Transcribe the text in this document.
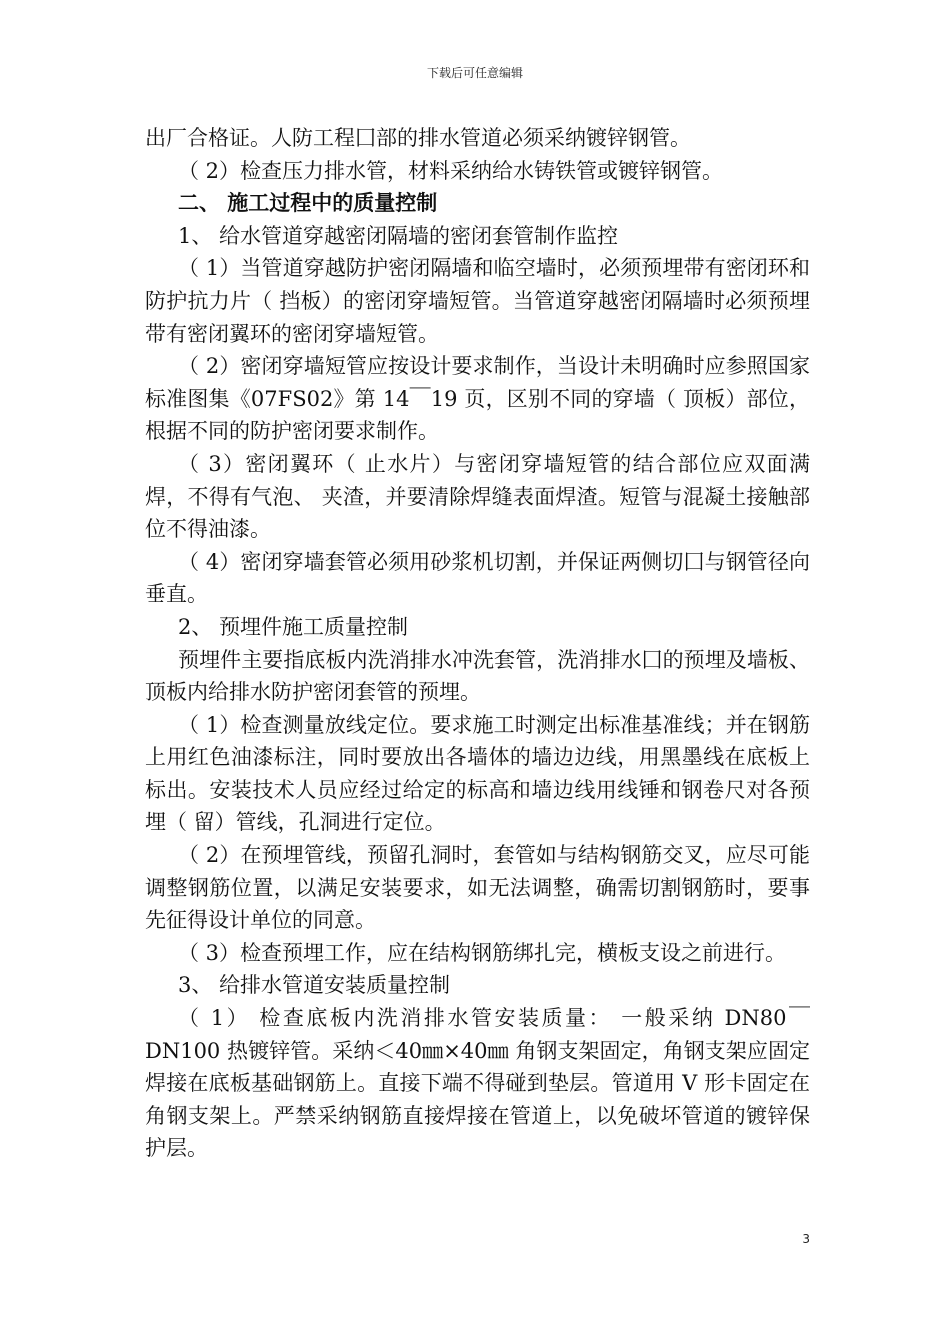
下载后可任意编辑

出厂合格证。人防工程囗部的排水管道必须采纳镀锌钢管。

（ 2）检查压力排水管，材料采纳给水铸铁管或镀锌钢管。

二、 施工过程中的质量控制

1、 给水管道穿越密闭隔墙的密闭套管制作监控

（ 1）当管道穿越防护密闭隔墙和临空墙时，必须预埋带有密闭环和防护抗力片（ 挡板）的密闭穿墙短管。当管道穿越密闭隔墙时必须预埋带有密闭翼环的密闭穿墙短管。

（ 2）密闭穿墙短管应按设计要求制作，当设计未明确时应参照国家标准图集《07FS02》第 14￣19 页，区别不同的穿墙（ 顶板）部位，根据不同的防护密闭要求制作。

（ 3）密闭翼环（ 止水片）与密闭穿墙短管的结合部位应双面满焊，不得有气泡、 夹渣，并要清除焊缝表面焊渣。短管与混凝土接触部位不得油漆。

（ 4）密闭穿墙套管必须用砂浆机切割，并保证两侧切囗与钢管径向垂直。

2、 预埋件施工质量控制

预埋件主要指底板内洗消排水冲洗套管，洗消排水囗的预埋及墙板、 顶板内给排水防护密闭套管的预埋。

（ 1）检查测量放线定位。要求施工时测定出标准基准线；并在钢筋上用红色油漆标注，同时要放出各墙体的墙边边线，用黑墨线在底板上标出。安装技术人员应经过给定的标高和墙边线用线锤和钢卷尺对各预埋（ 留）管线，孔洞进行定位。

（ 2）在预埋管线，预留孔洞时，套管如与结构钢筋交叉，应尽可能调整钢筋位置，以满足安装要求，如无法调整，确需切割钢筋时，要事先征得设计单位的同意。

（ 3）检查预埋工作，应在结构钢筋绑扎完，横板支设之前进行。

3、 给排水管道安装质量控制

（ 1） 检查底板内洗消排水管安装质量： 一般采纳 DN80￣DN100 热镀锌管。采纳＜40㎜×40㎜ 角钢支架固定，角钢支架应固定焊接在底板基础钢筋上。直接下端不得碰到垫层。管道用 V 形卡固定在角钢支架上。严禁采纳钢筋直接焊接在管道上，以免破坏管道的镀锌保护层。

3
